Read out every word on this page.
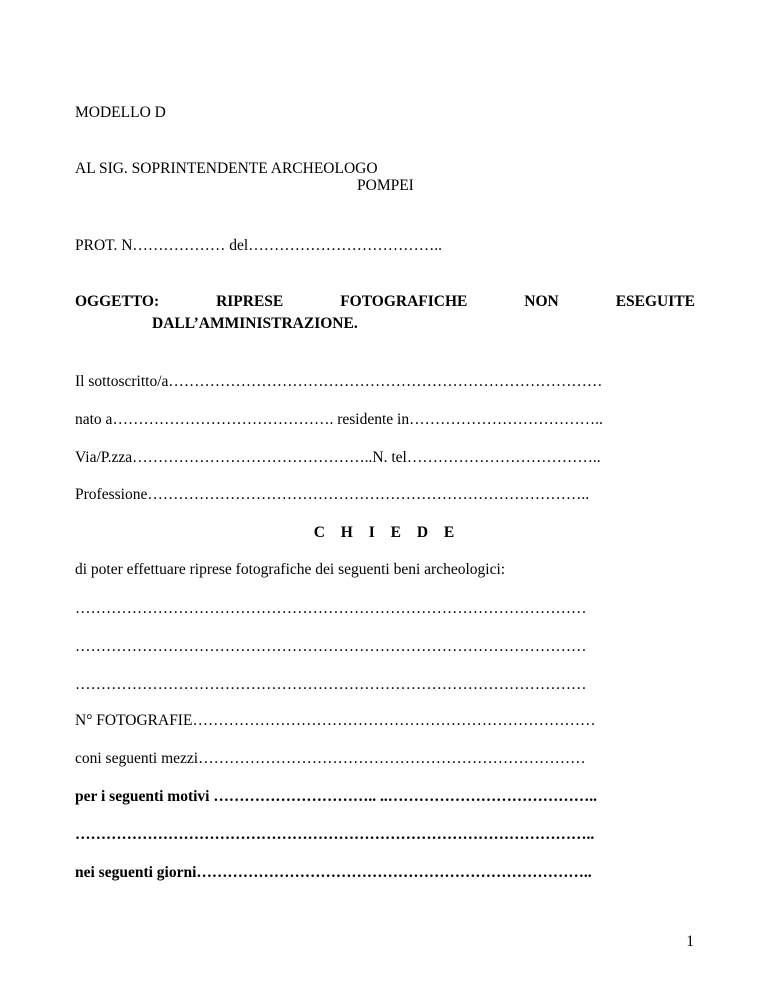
MODELLO D
AL SIG. SOPRINTENDENTE ARCHEOLOGO
POMPEI
PROT. N……………… del………………………………..
OGGETTO:	RIPRESE	FOTOGRAFICHE	NON	ESEGUITE
DALL’AMMINISTRAZIONE.
Il sottoscritto/a…………………………………………………………………………
nato a……………………………………. residente in………………………………..
Via/P.zza………………………………………..N. tel………………………………..
Professione…………………………………………………………………………..
C H I E D E
di poter effettuare riprese fotografiche dei seguenti beni archeologici:
………………………………………………………………………………………
………………………………………………………………………………………
………………………………………………………………………………………
N° FOTOGRAFIE……………………………………………………………………
coni seguenti mezzi…………………………………………………………………
per i seguenti motivi ………………………….. ..…………………………………..
………………………………………………………………………………………..
nei seguenti giorni…………………………………………………………………..
1
